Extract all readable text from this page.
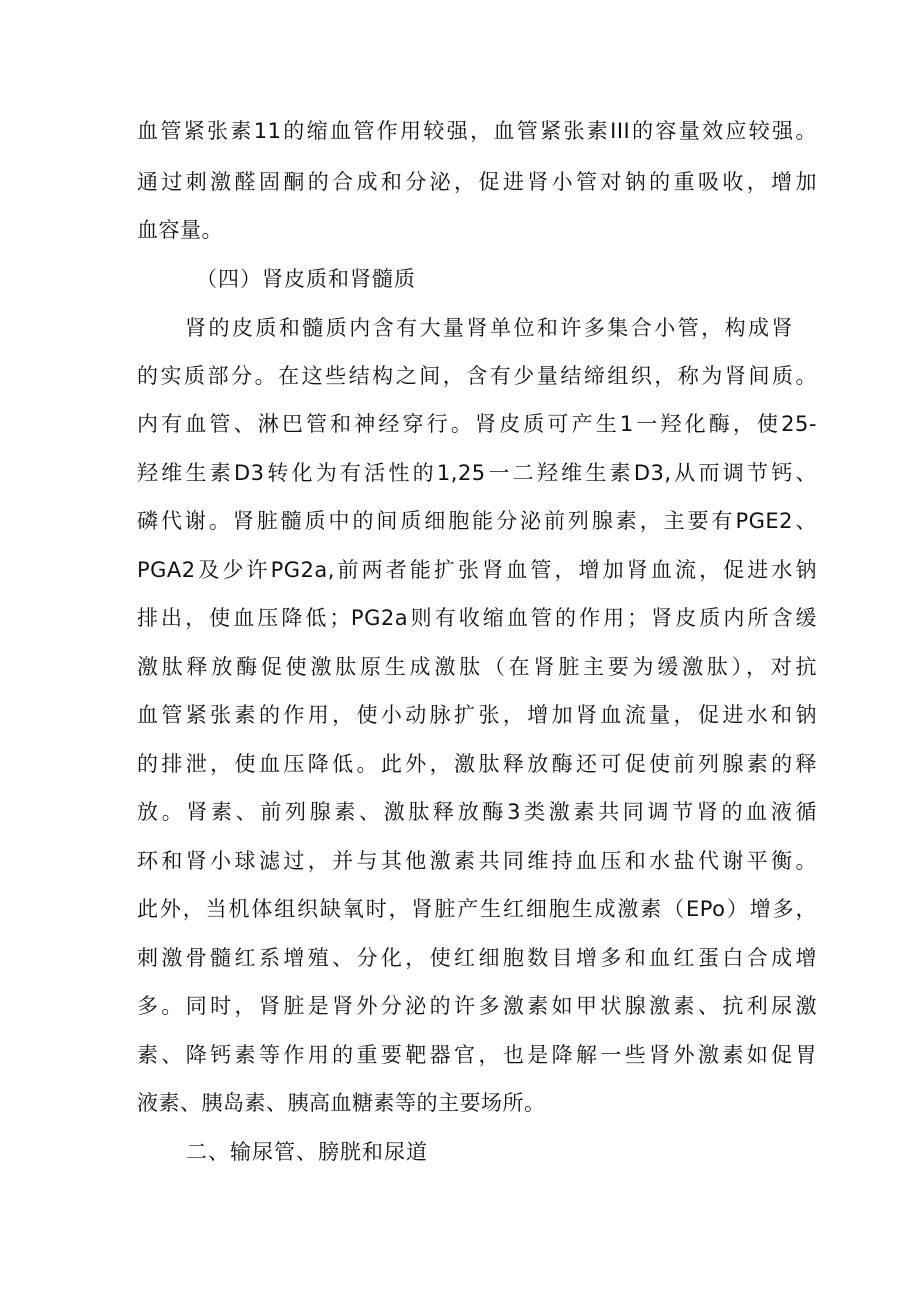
血管紧张素11的缩血管作用较强，血管紧张素III的容量效应较强。
通过刺激醛固酮的合成和分泌，促进肾小管对钠的重吸收，增加
血容量。
（四）肾皮质和肾髓质
肾的皮质和髓质内含有大量肾单位和许多集合小管，构成肾
的实质部分。在这些结构之间，含有少量结缔组织，称为肾间质。
内有血管、淋巴管和神经穿行。肾皮质可产生1一羟化酶，使25-
羟维生素D3转化为有活性的1,25一二羟维生素D3,从而调节钙、
磷代谢。肾脏髓质中的间质细胞能分泌前列腺素，主要有PGE2、
PGA2及少许PG2a,前两者能扩张肾血管，增加肾血流，促进水钠
排出，使血压降低；PG2a则有收缩血管的作用；肾皮质内所含缓
激肽释放酶促使激肽原生成激肽（在肾脏主要为缓激肽），对抗
血管紧张素的作用，使小动脉扩张，增加肾血流量，促进水和钠
的排泄，使血压降低。此外，激肽释放酶还可促使前列腺素的释
放。肾素、前列腺素、激肽释放酶3类激素共同调节肾的血液循
环和肾小球滤过，并与其他激素共同维持血压和水盐代谢平衡。
此外，当机体组织缺氧时，肾脏产生红细胞生成激素（EPo）增多，
刺激骨髓红系增殖、分化，使红细胞数目增多和血红蛋白合成增
多。同时，肾脏是肾外分泌的许多激素如甲状腺激素、抗利尿激
素、降钙素等作用的重要靶器官，也是降解一些肾外激素如促胃
液素、胰岛素、胰高血糖素等的主要场所。
二、输尿管、膀胱和尿道
